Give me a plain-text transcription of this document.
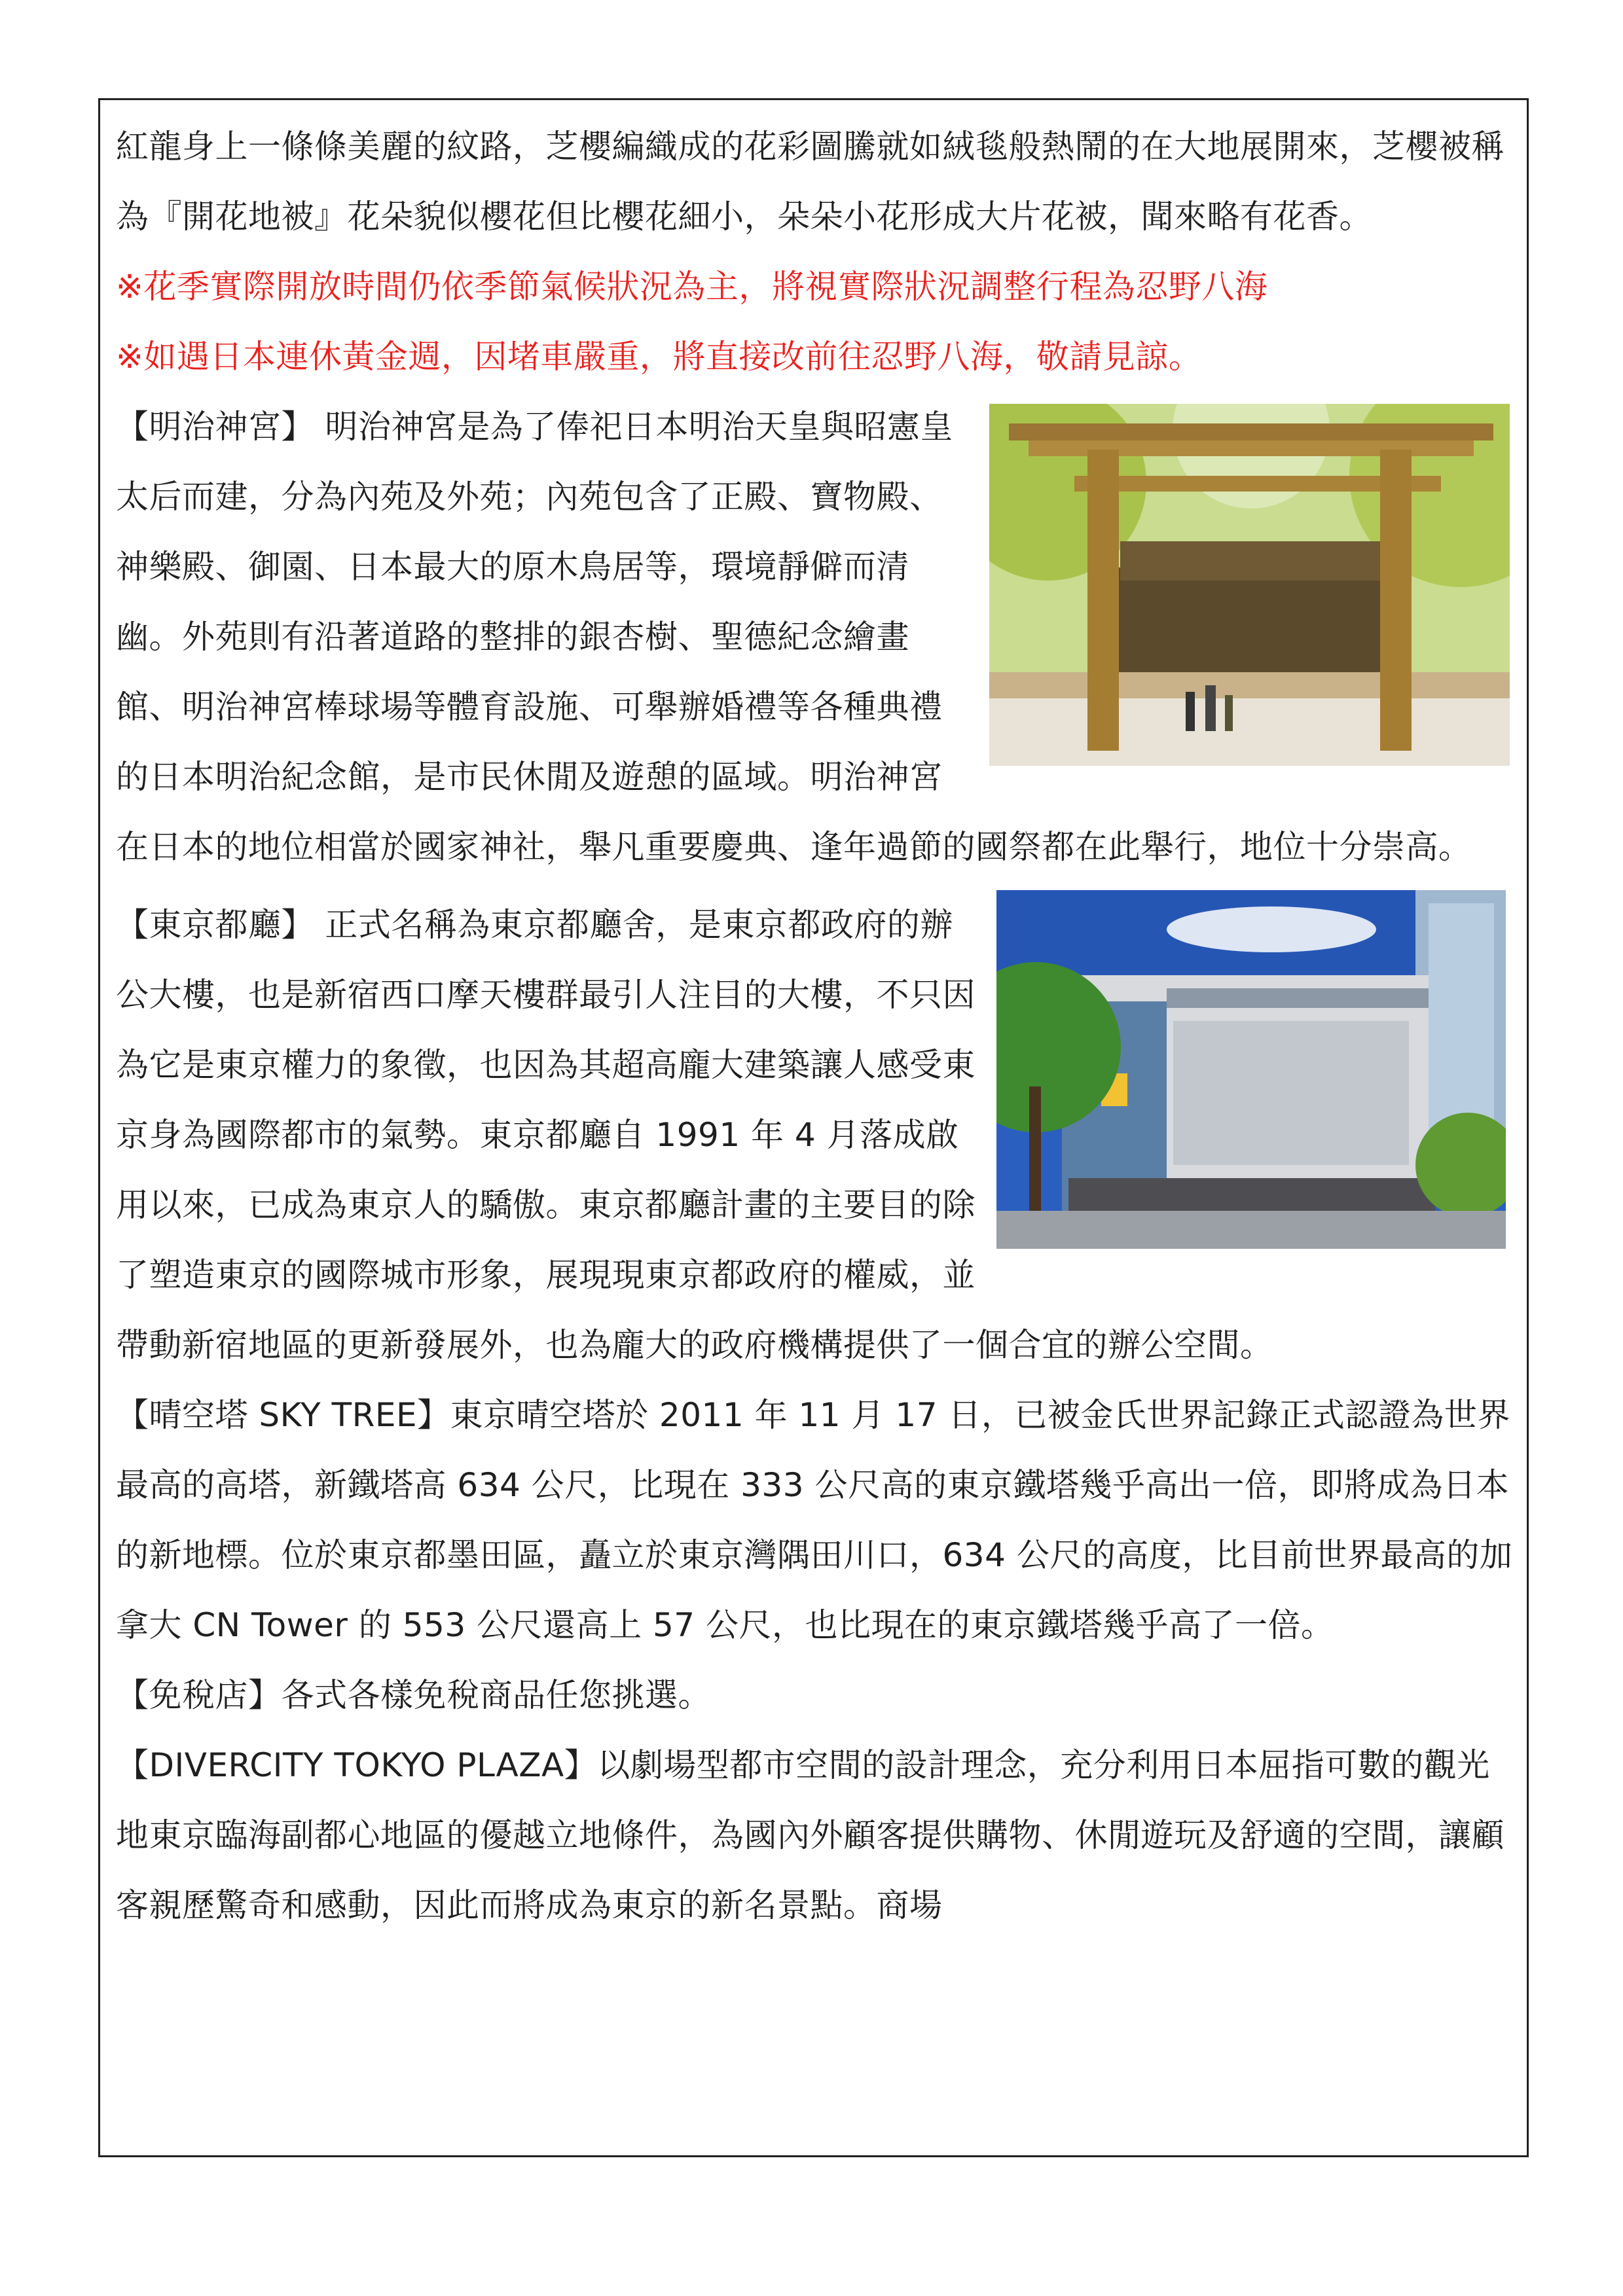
紅龍身上一條條美麗的紋路，芝櫻編織成的花彩圖騰就如絨毯般熱鬧的在大地展開來，芝櫻被稱為『開花地被』花朵貌似櫻花但比櫻花細小，朵朵小花形成大片花被，聞來略有花香。

※花季實際開放時間仍依季節氣候狀況為主，將視實際狀況調整行程為忍野八海

※如遇日本連休黃金週，因堵車嚴重，將直接改前往忍野八海，敬請見諒。

【明治神宮】 明治神宮是為了俸祀日本明治天皇與昭憲皇太后而建，分為內苑及外苑；內苑包含了正殿、寶物殿、神樂殿、御園、日本最大的原木鳥居等，環境靜僻而清幽。外苑則有沿著道路的整排的銀杏樹、聖德紀念繪畫館、明治神宮棒球場等體育設施、可舉辦婚禮等各種典禮的日本明治紀念館，是市民休閒及遊憩的區域。明治神宮在日本的地位相當於國家神社，舉凡重要慶典、逢年過節的國祭都在此舉行，地位十分崇高。

【東京都廳】 正式名稱為東京都廳舍，是東京都政府的辦公大樓，也是新宿西口摩天樓群最引人注目的大樓，不只因為它是東京權力的象徵，也因為其超高龐大建築讓人感受東京身為國際都市的氣勢。東京都廳自 1991 年 4 月落成啟用以來，已成為東京人的驕傲。東京都廳計畫的主要目的除了塑造東京的國際城市形象，展現現東京都政府的權威，並帶動新宿地區的更新發展外，也為龐大的政府機構提供了一個合宜的辦公空間。

【晴空塔 SKY TREE】東京晴空塔於 2011 年 11 月 17 日，已被金氏世界記錄正式認證為世界最高的高塔，新鐵塔高 634 公尺，比現在 333 公尺高的東京鐵塔幾乎高出一倍，即將成為日本的新地標。位於東京都墨田區，矗立於東京灣隅田川口，634 公尺的高度，比目前世界最高的加拿大 CN Tower 的 553 公尺還高上 57 公尺，也比現在的東京鐵塔幾乎高了一倍。

【免稅店】各式各樣免稅商品任您挑選。

【DIVERCITY TOKYO PLAZA】以劇場型都市空間的設計理念，充分利用日本屈指可數的觀光地東京臨海副都心地區的優越立地條件，為國內外顧客提供購物、休閒遊玩及舒適的空間，讓顧客親歷驚奇和感動，因此而將成為東京的新名景點。商場
